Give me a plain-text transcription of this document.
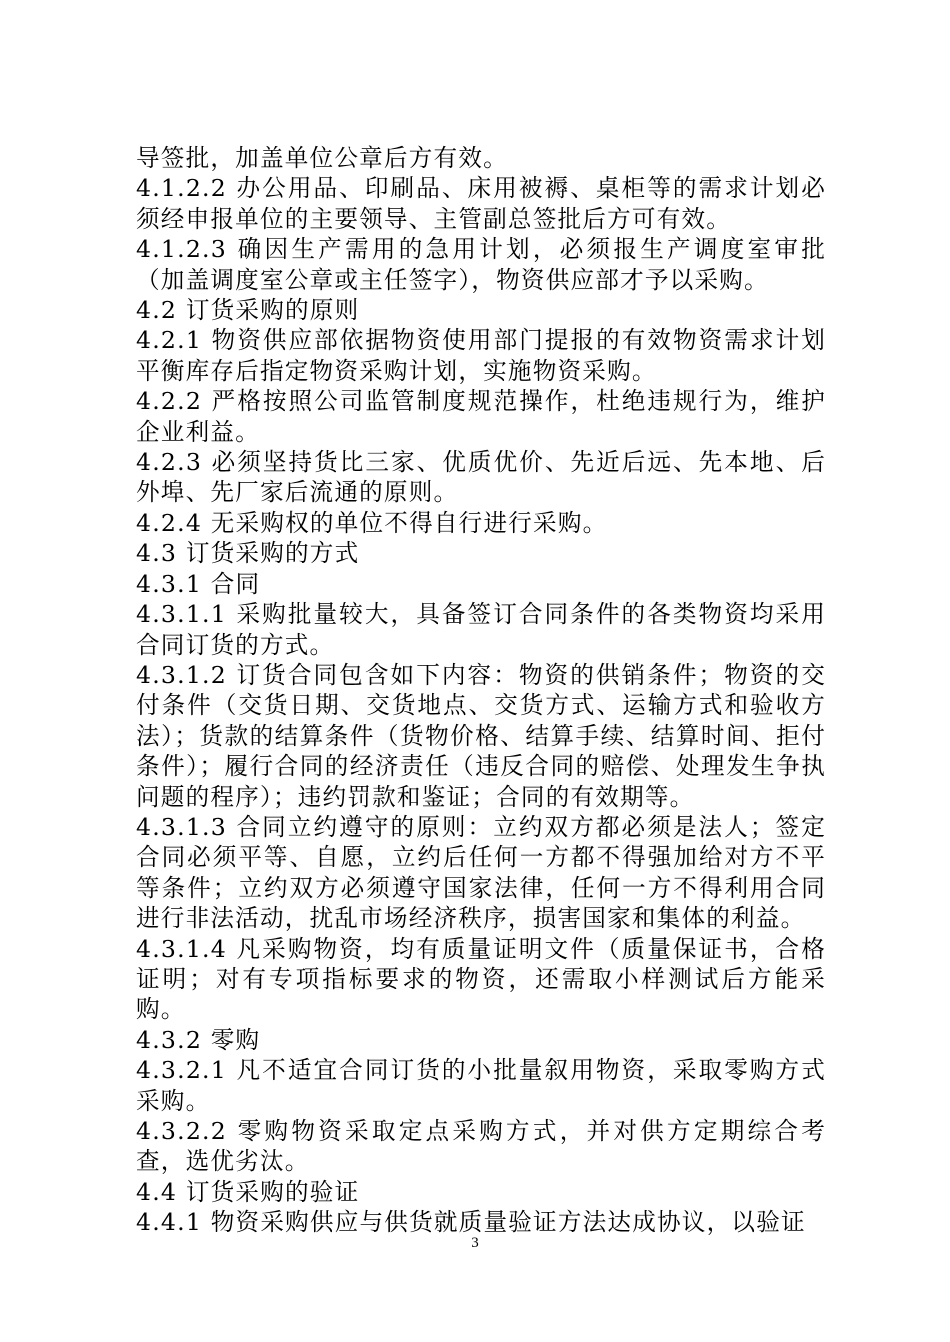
导签批，加盖单位公章后方有效。

4.1.2.2 办公用品、印刷品、床用被褥、桌柜等的需求计划必须经申报单位的主要领导、主管副总签批后方可有效。

4.1.2.3 确因生产需用的急用计划，必须报生产调度室审批（加盖调度室公章或主任签字），物资供应部才予以采购。

4.2 订货采购的原则

4.2.1 物资供应部依据物资使用部门提报的有效物资需求计划平衡库存后指定物资采购计划，实施物资采购。

4.2.2 严格按照公司监管制度规范操作，杜绝违规行为，维护企业利益。

4.2.3 必须坚持货比三家、优质优价、先近后远、先本地、后外埠、先厂家后流通的原则。

4.2.4 无采购权的单位不得自行进行采购。

4.3 订货采购的方式

4.3.1 合同

4.3.1.1 采购批量较大，具备签订合同条件的各类物资均采用合同订货的方式。

4.3.1.2 订货合同包含如下内容：物资的供销条件；物资的交付条件（交货日期、交货地点、交货方式、运输方式和验收方法）；货款的结算条件（货物价格、结算手续、结算时间、拒付条件）；履行合同的经济责任（违反合同的赔偿、处理发生争执问题的程序）；违约罚款和鉴证；合同的有效期等。

4.3.1.3 合同立约遵守的原则：立约双方都必须是法人；签定合同必须平等、自愿，立约后任何一方都不得强加给对方不平等条件；立约双方必须遵守国家法律，任何一方不得利用合同进行非法活动，扰乱市场经济秩序，损害国家和集体的利益。

4.3.1.4 凡采购物资，均有质量证明文件（质量保证书，合格证明；对有专项指标要求的物资，还需取小样测试后方能采购。

4.3.2 零购

4.3.2.1 凡不适宜合同订货的小批量叙用物资，采取零购方式采购。

4.3.2.2 零购物资采取定点采购方式，并对供方定期综合考查，选优劣汰。

4.4 订货采购的验证

4.4.1 物资采购供应与供货就质量验证方法达成协议，以验证

3
